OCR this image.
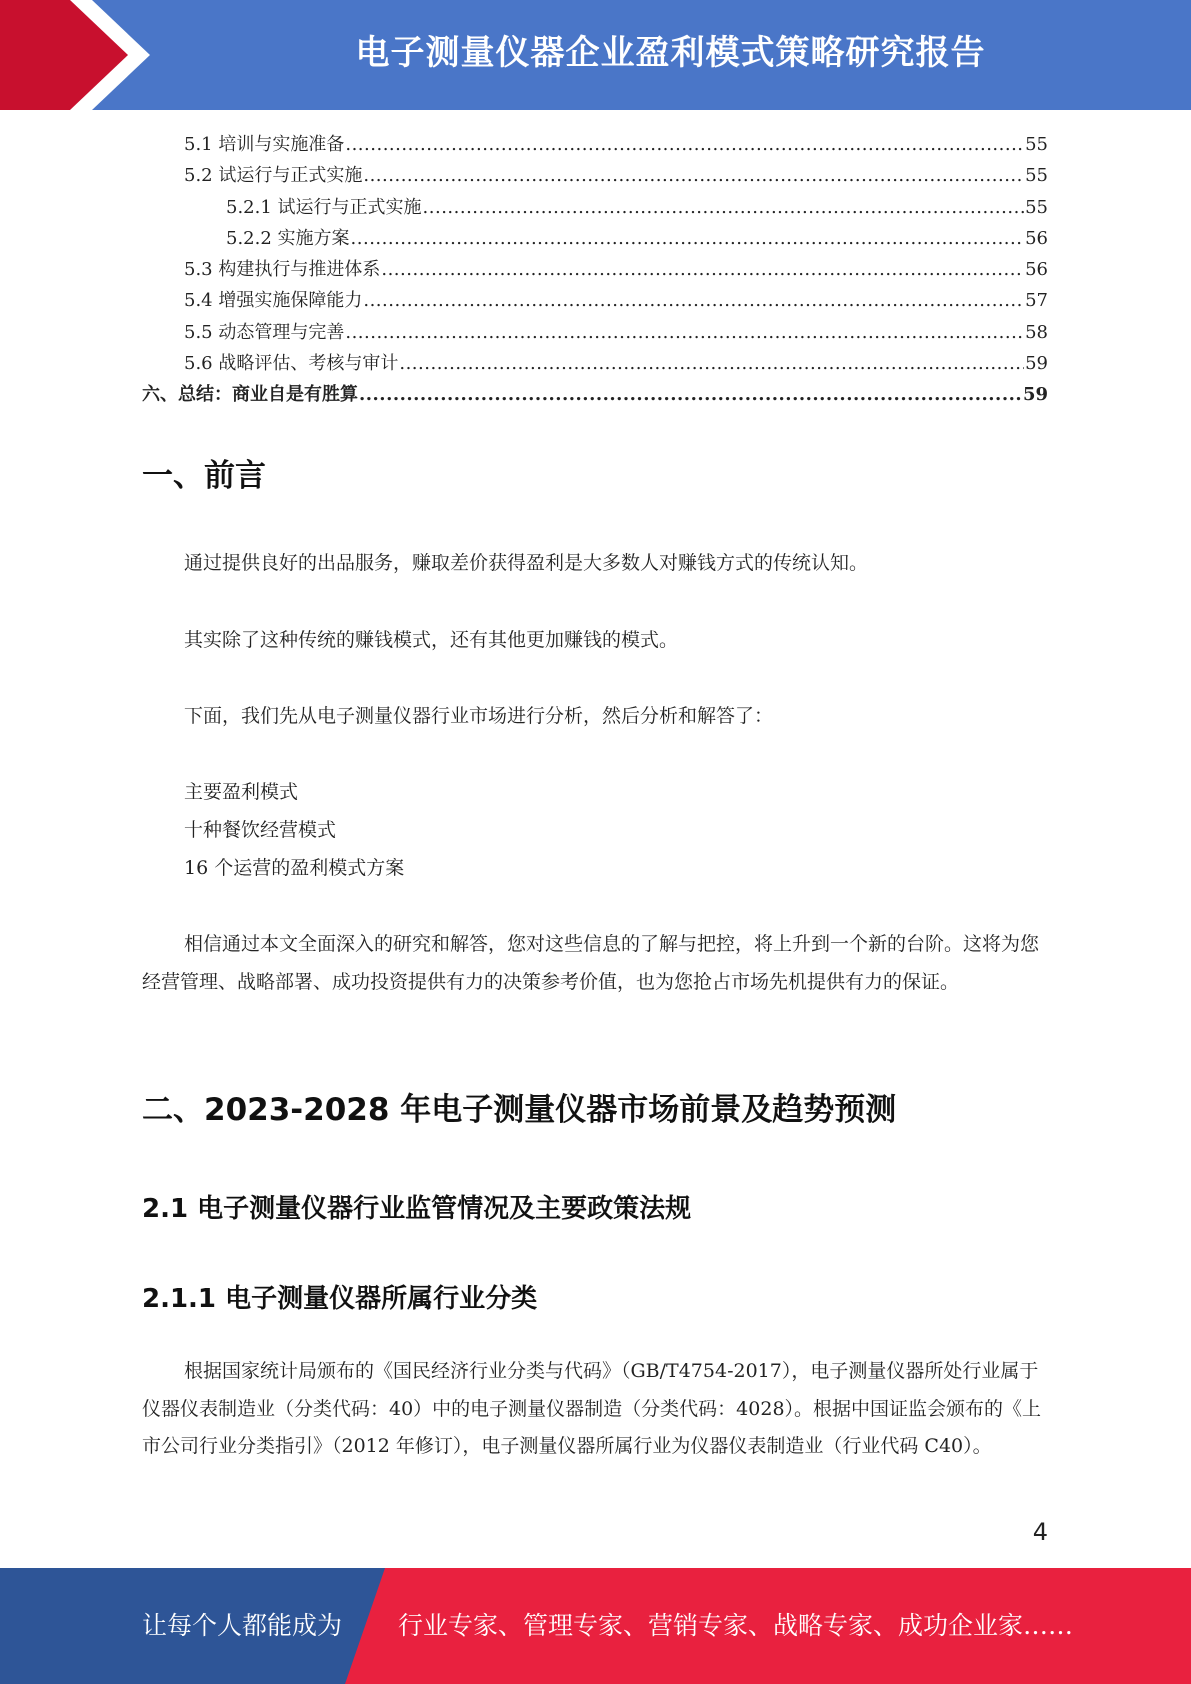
电子测量仪器企业盈利模式策略研究报告
5.1 培训与实施准备 .....	55
5.2 试运行与正式实施 .....	55
5.2.1 试运行与正式实施 .....	55
5.2.2 实施方案 .....	56
5.3 构建执行与推进体系 .....	56
5.4 增强实施保障能力 .....	57
5.5 动态管理与完善 .....	58
5.6 战略评估、考核与审计 .....	59
六、总结：商业自是有胜算 .....	59
一、前言

通过提供良好的出品服务，赚取差价获得盈利是大多数人对赚钱方式的传统认知。

其实除了这种传统的赚钱模式，还有其他更加赚钱的模式。

下面，我们先从电子测量仪器行业市场进行分析，然后分析和解答了：

主要盈利模式

十种餐饮经营模式

16 个运营的盈利模式方案

相信通过本文全面深入的研究和解答，您对这些信息的了解与把控，将上升到一个新的台阶。这将为您经营管理、战略部署、成功投资提供有力的决策参考价值，也为您抢占市场先机提供有力的保证。

二、2023-2028 年电子测量仪器市场前景及趋势预测
2.1 电子测量仪器行业监管情况及主要政策法规
2.1.1 电子测量仪器所属行业分类

根据国家统计局颁布的《国民经济行业分类与代码》（GB/T4754-2017），电子测量仪器所处行业属于仪器仪表制造业（分类代码：40）中的电子测量仪器制造（分类代码：4028）。根据中国证监会颁布的《上市公司行业分类指引》（2012 年修订），电子测量仪器所属行业为仪器仪表制造业（行业代码 C40）。

4
让每个人都能成为 行业专家、管理专家、营销专家、战略专家、成功企业家……
